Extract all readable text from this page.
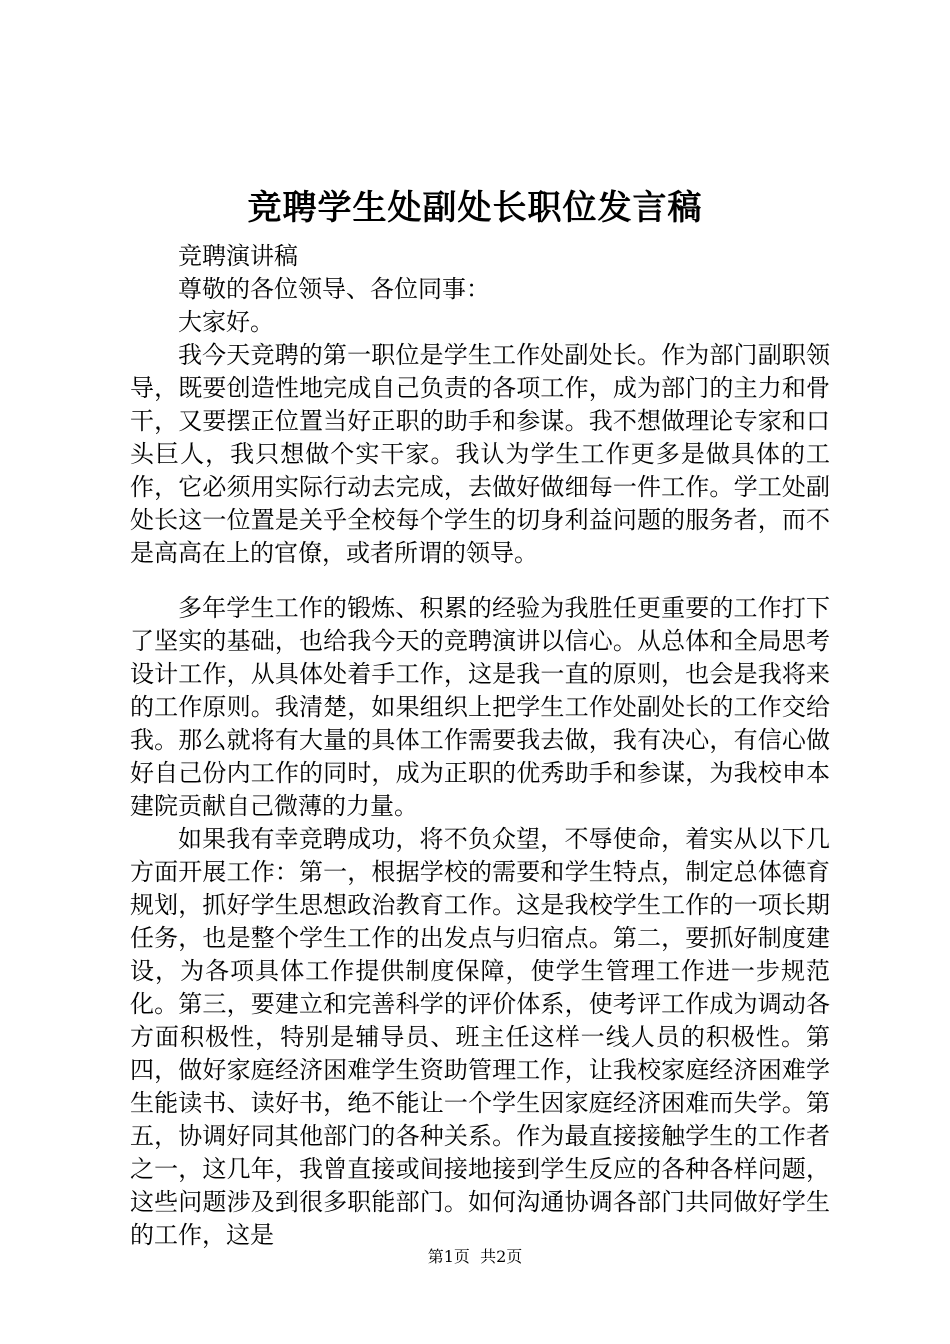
竞聘学生处副处长职位发言稿
竞聘演讲稿
尊敬的各位领导、各位同事：
大家好。

我今天竞聘的第一职位是学生工作处副处长。作为部门副职领导，既要创造性地完成自己负责的各项工作，成为部门的主力和骨干，又要摆正位置当好正职的助手和参谋。我不想做理论专家和口头巨人，我只想做个实干家。我认为学生工作更多是做具体的工作，它必须用实际行动去完成，去做好做细每一件工作。学工处副处长这一位置是关乎全校每个学生的切身利益问题的服务者，而不是高高在上的官僚，或者所谓的领导。

多年学生工作的锻炼、积累的经验为我胜任更重要的工作打下了坚实的基础，也给我今天的竞聘演讲以信心。从总体和全局思考设计工作，从具体处着手工作，这是我一直的原则，也会是我将来的工作原则。我清楚，如果组织上把学生工作处副处长的工作交给我。那么就将有大量的具体工作需要我去做，我有决心，有信心做好自己份内工作的同时，成为正职的优秀助手和参谋，为我校申本建院贡献自己微薄的力量。

如果我有幸竞聘成功，将不负众望，不辱使命，着实从以下几方面开展工作：第一，根据学校的需要和学生特点，制定总体德育规划，抓好学生思想政治教育工作。这是我校学生工作的一项长期任务，也是整个学生工作的出发点与归宿点。第二，要抓好制度建设，为各项具体工作提供制度保障，使学生管理工作进一步规范化。第三，要建立和完善科学的评价体系，使考评工作成为调动各方面积极性，特别是辅导员、班主任这样一线人员的积极性。第四，做好家庭经济困难学生资助管理工作，让我校家庭经济困难学生能读书、读好书，绝不能让一个学生因家庭经济困难而失学。第五，协调好同其他部门的各种关系。作为最直接接触学生的工作者之一，这几年，我曾直接或间接地接到学生反应的各种各样问题，这些问题涉及到很多职能部门。如何沟通协调各部门共同做好学生的工作，这是

第1页  共2页
